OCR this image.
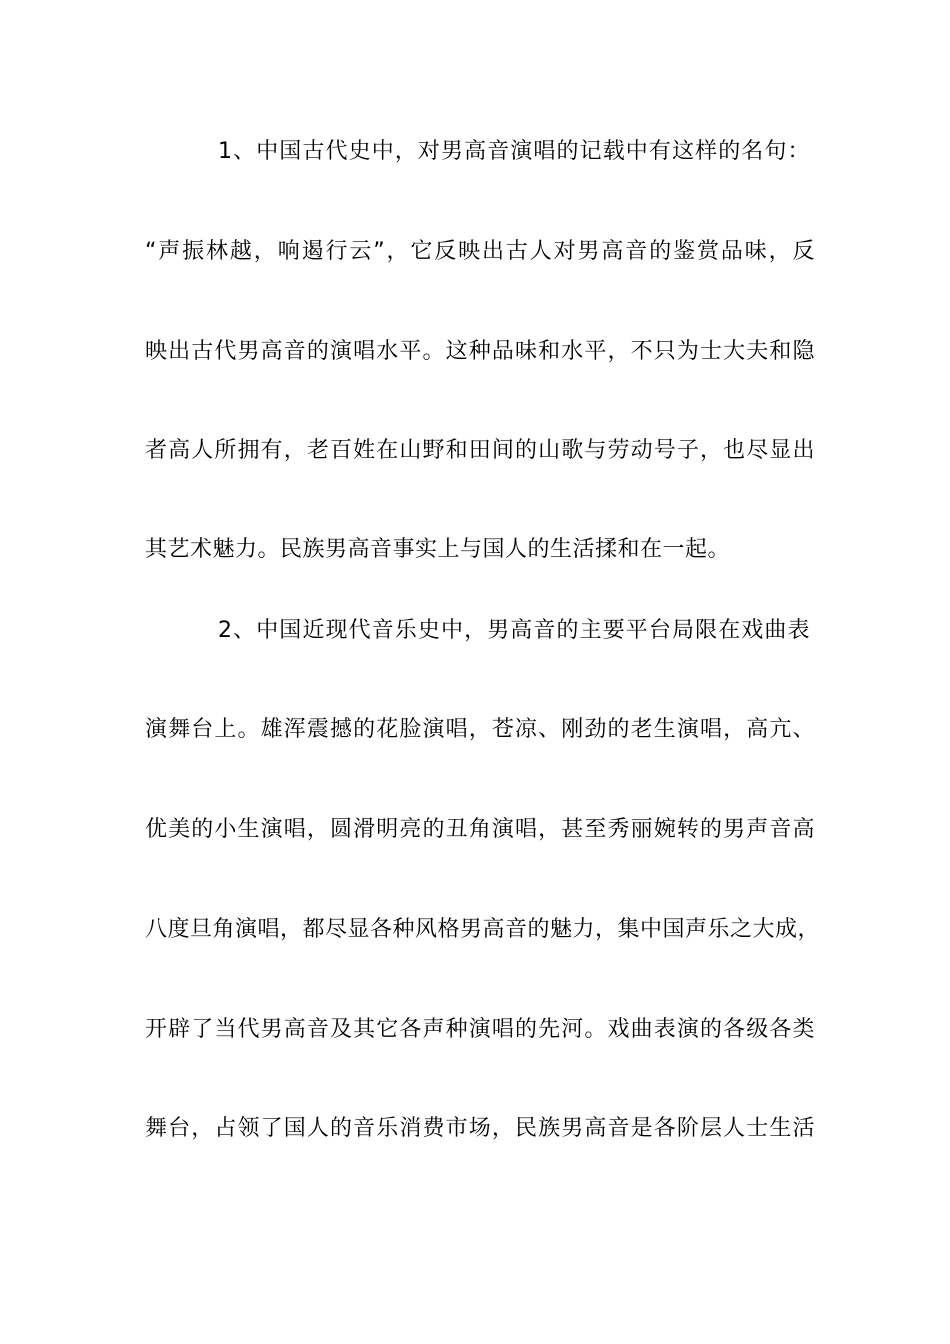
1、中国古代史中，对男高音演唱的记载中有这样的名句：
“声振林越，响遏行云”，它反映出古人对男高音的鉴赏品味，反
映出古代男高音的演唱水平。这种品味和水平，不只为士大夫和隐
者高人所拥有，老百姓在山野和田间的山歌与劳动号子，也尽显出
其艺术魅力。民族男高音事实上与国人的生活揉和在一起。
2、中国近现代音乐史中，男高音的主要平台局限在戏曲表
演舞台上。雄浑震撼的花脸演唱，苍凉、刚劲的老生演唱，高亢、
优美的小生演唱，圆滑明亮的丑角演唱，甚至秀丽婉转的男声音高
八度旦角演唱，都尽显各种风格男高音的魅力，集中国声乐之大成，
开辟了当代男高音及其它各声种演唱的先河。戏曲表演的各级各类
舞台，占领了国人的音乐消费市场，民族男高音是各阶层人士生活
